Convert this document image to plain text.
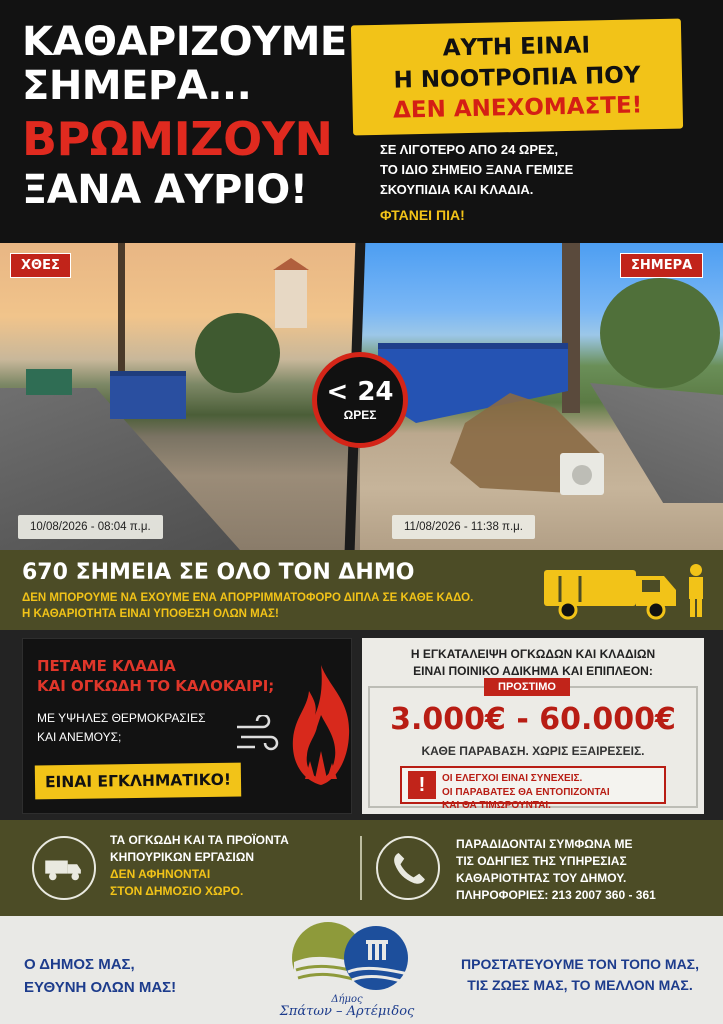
ΚΑΘΑΡΙΖΟΥΜΕ
ΣΗΜΕΡΑ...
ΒΡΩΜΙΖΟΥΝ
ΞΑΝΑ ΑΥΡΙΟ!
ΑΥΤΗ ΕΙΝΑΙ
Η ΝΟΟΤΡΟΠΙΑ ΠΟΥ
ΔΕΝ ΑΝΕΧΟΜΑΣΤΕ!
ΣΕ ΛΙΓΟΤΕΡΟ ΑΠΟ 24 ΩΡΕΣ,
ΤΟ ΙΔΙΟ ΣΗΜΕΙΟ ΞΑΝΑ ΓΕΜΙΣΕ
ΣΚΟΥΠΙΔΙΑ ΚΑΙ ΚΛΑΔΙΑ.
ΦΤΑΝΕΙ ΠΙΑ!
ΧΘΕΣ	ΣΗΜΕΡΑ
10/08/2026 - 08:04 π.μ.	11/08/2026 - 11:38 π.μ.
< 24
ΩΡΕΣ
670 ΣΗΜΕΙΑ ΣΕ ΟΛΟ ΤΟΝ ΔΗΜΟ
ΔΕΝ ΜΠΟΡΟΥΜΕ ΝΑ ΕΧΟΥΜΕ ΕΝΑ ΑΠΟΡΡΙΜΜΑΤΟΦΟΡΟ ΔΙΠΛΑ ΣΕ ΚΑΘΕ ΚΑΔΟ.
Η ΚΑΘΑΡΙΟΤΗΤΑ ΕΙΝΑΙ ΥΠΟΘΕΣΗ ΟΛΩΝ ΜΑΣ!
ΠΕΤΑΜΕ ΚΛΑΔΙΑ
ΚΑΙ ΟΓΚΩΔΗ ΤΟ ΚΑΛΟΚΑΙΡΙ;
ΜΕ ΥΨΗΛΕΣ ΘΕΡΜΟΚΡΑΣΙΕΣ
ΚΑΙ ΑΝΕΜΟΥΣ;
ΕΙΝΑΙ ΕΓΚΛΗΜΑΤΙΚΟ!
Η ΕΓΚΑΤΑΛΕΙΨΗ ΟΓΚΩΔΩΝ ΚΑΙ ΚΛΑΔΙΩΝ
ΕΙΝΑΙ ΠΟΙΝΙΚΟ ΑΔΙΚΗΜΑ ΚΑΙ ΕΠΙΠΛΕΟΝ:
ΠΡΟΣΤΙΜΟ
3.000€ - 60.000€
ΚΑΘΕ ΠΑΡΑΒΑΣΗ. ΧΩΡΙΣ ΕΞΑΙΡΕΣΕΙΣ.
!	ΟΙ ΕΛΕΓΧΟΙ ΕΙΝΑΙ ΣΥΝΕΧΕΙΣ.
ΟΙ ΠΑΡΑΒΑΤΕΣ ΘΑ ΕΝΤΟΠΙΖΟΝΤΑΙ
ΚΑΙ ΘΑ ΤΙΜΩΡΟΥΝΤΑΙ.
ΤΑ ΟΓΚΩΔΗ ΚΑΙ ΤΑ ΠΡΟΪΟΝΤΑ
ΚΗΠΟΥΡΙΚΩΝ ΕΡΓΑΣΙΩΝ
ΔΕΝ ΑΦΗΝΟΝΤΑΙ
ΣΤΟΝ ΔΗΜΟΣΙΟ ΧΩΡΟ.
ΠΑΡΑΔΙΔΟΝΤΑΙ ΣΥΜΦΩΝΑ ΜΕ
ΤΙΣ ΟΔΗΓΙΕΣ ΤΗΣ ΥΠΗΡΕΣΙΑΣ
ΚΑΘΑΡΙΟΤΗΤΑΣ ΤΟΥ ΔΗΜΟΥ.
ΠΛΗΡΟΦΟΡΙΕΣ: 213 2007 360 - 361
Ο ΔΗΜΟΣ ΜΑΣ,
ΕΥΘΥΝΗ ΟΛΩΝ ΜΑΣ!
Δήμος
Σπάτων – Αρτέμιδος
ΠΡΟΣΤΑΤΕΥΟΥΜΕ ΤΟΝ ΤΟΠΟ ΜΑΣ,
ΤΙΣ ΖΩΕΣ ΜΑΣ, ΤΟ ΜΕΛΛΟΝ ΜΑΣ.
